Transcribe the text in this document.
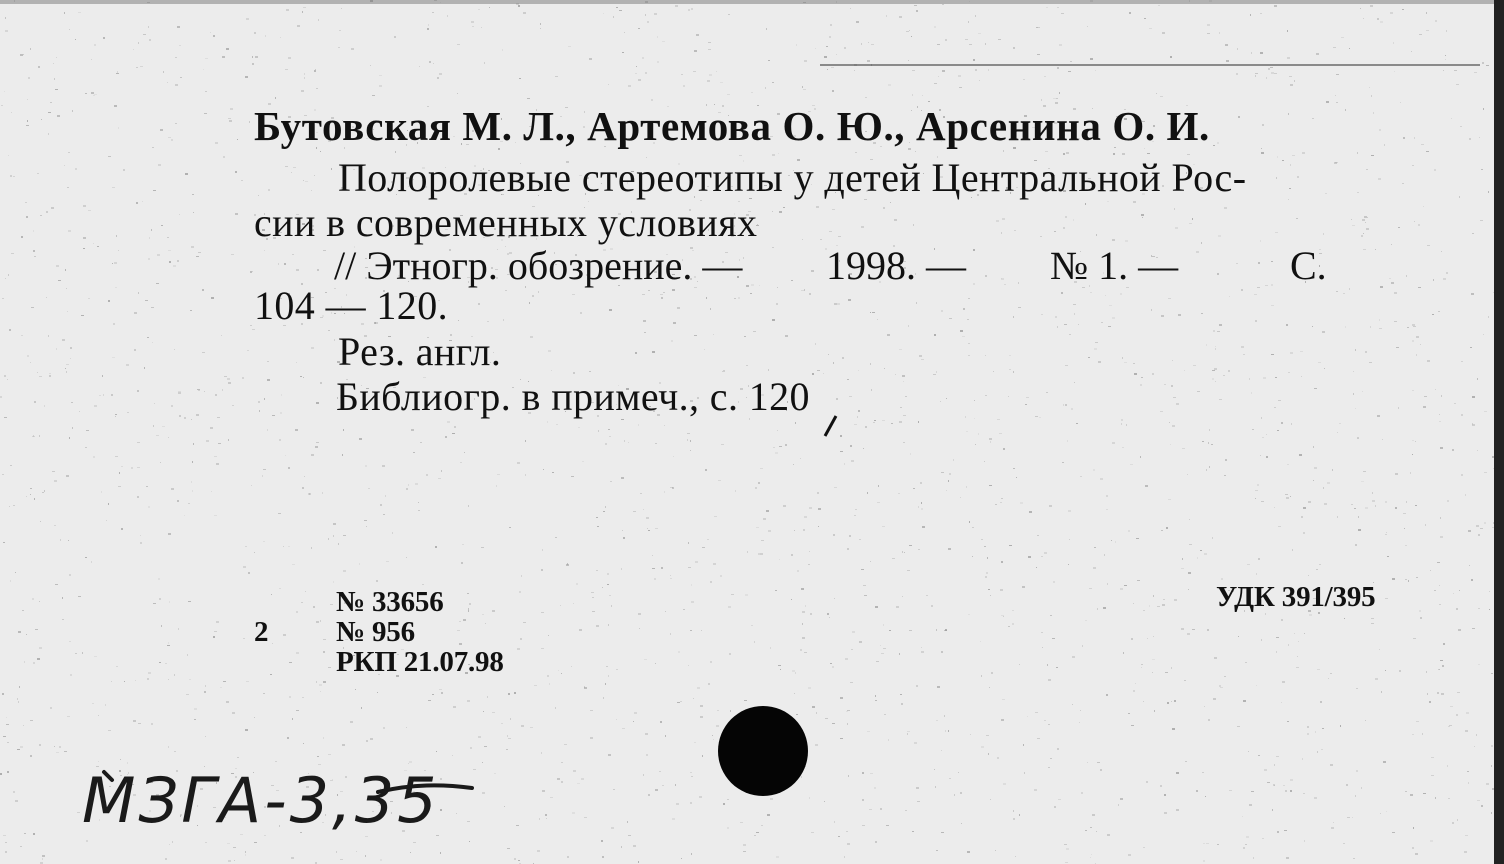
Бутовская М. Л., Артемова О. Ю., Арсенина О. И.
Полоролевые стереотипы у детей Центральной Рос-
сии в современных условиях
// Этногр. обозрение. — 1998. — № 1. —	С.
104 — 120.
Рез. англ.
Библиогр. в примеч., с. 120
№ 33656
2 № 956
РКП 21.07.98
УДК 391/395
МЗГА-3,35
